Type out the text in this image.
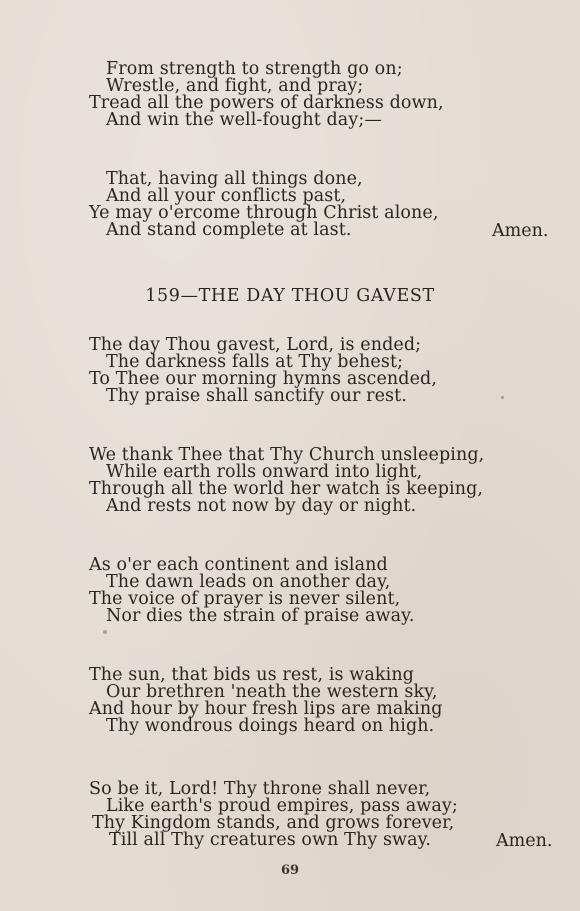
From strength to strength go on;
Wrestle, and fight, and pray;
Tread all the powers of darkness down,
And win the well-fought day;—
That, having all things done,
And all your conflicts past,
Ye may o'ercome through Christ alone,
And stand complete at last.	Amen.
159—THE DAY THOU GAVEST
The day Thou gavest, Lord, is ended;
The darkness falls at Thy behest;
To Thee our morning hymns ascended,
Thy praise shall sanctify our rest.
We thank Thee that Thy Church unsleeping,
While earth rolls onward into light,
Through all the world her watch is keeping,
And rests not now by day or night.
As o'er each continent and island
The dawn leads on another day,
The voice of prayer is never silent,
Nor dies the strain of praise away.
The sun, that bids us rest, is waking
Our brethren 'neath the western sky,
And hour by hour fresh lips are making
Thy wondrous doings heard on high.
So be it, Lord! Thy throne shall never,
Like earth's proud empires, pass away;
Thy Kingdom stands, and grows forever,
Till all Thy creatures own Thy sway.	Amen.
69
